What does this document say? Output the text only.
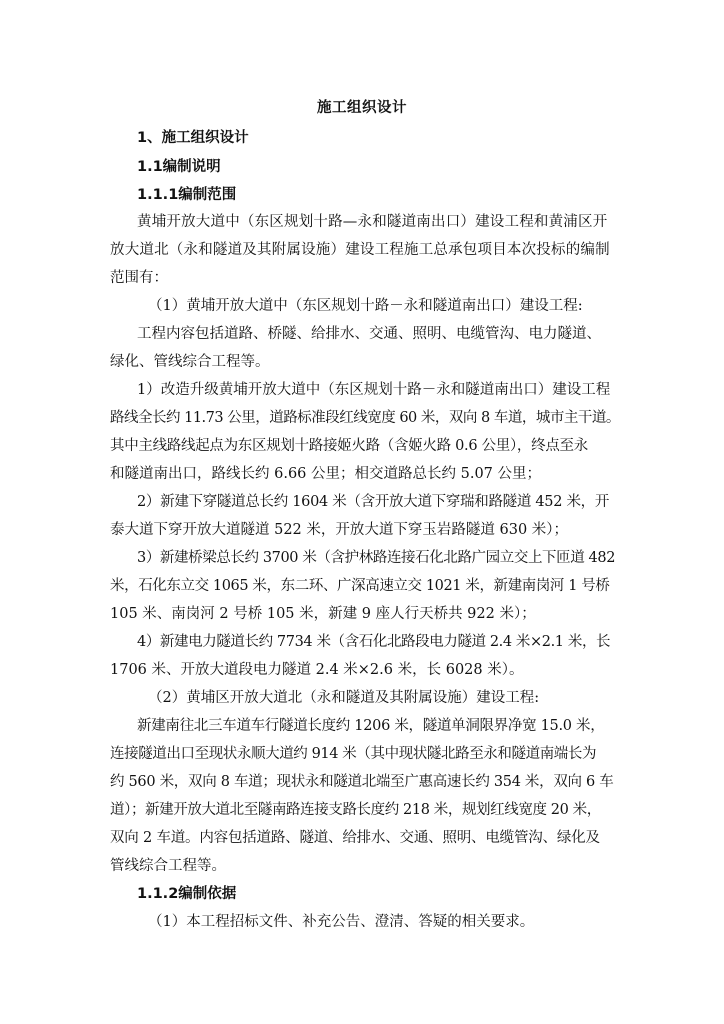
施工组织设计
1、施工组织设计
1.1编制说明
1.1.1编制范围
黄埔开放大道中（东区规划十路—永和隧道南出口）建设工程和黄浦区开
放大道北（永和隧道及其附属设施）建设工程施工总承包项目本次投标的编制
范围有：
（1）黄埔开放大道中（东区规划十路－永和隧道南出口）建设工程:
工程内容包括道路、桥隧、给排水、交通、照明、电缆管沟、电力隧道、
绿化、管线综合工程等。
1）改造升级黄埔开放大道中（东区规划十路－永和隧道南出口）建设工程
路线全长约 11.73 公里，道路标准段红线宽度 60 米，双向 8 车道，城市主干道。
其中主线路线起点为东区规划十路接姬火路（含姬火路 0.6 公里），终点至永
和隧道南出口，路线长约 6.66 公里；相交道路总长约 5.07 公里；
2）新建下穿隧道总长约 1604 米（含开放大道下穿瑞和路隧道 452 米，开
泰大道下穿开放大道隧道 522 米，开放大道下穿玉岩路隧道 630 米）；
3）新建桥梁总长约 3700 米（含护林路连接石化北路广园立交上下匝道 482
米，石化东立交 1065 米，东二环、广深高速立交 1021 米，新建南岗河 1 号桥
105 米、南岗河 2 号桥 105 米，新建 9 座人行天桥共 922 米）；
4）新建电力隧道长约 7734 米（含石化北路段电力隧道 2.4 米×2.1 米，长
1706 米、开放大道段电力隧道 2.4 米×2.6 米，长 6028 米）。
（2）黄埔区开放大道北（永和隧道及其附属设施）建设工程:
新建南往北三车道车行隧道长度约 1206 米，隧道单洞限界净宽 15.0 米，
连接隧道出口至现状永顺大道约 914 米（其中现状隧北路至永和隧道南端长为
约 560 米，双向 8 车道；现状永和隧道北端至广惠高速长约 354 米，双向 6 车
道）；新建开放大道北至隧南路连接支路长度约 218 米，规划红线宽度 20 米，
双向 2 车道。内容包括道路、隧道、给排水、交通、照明、电缆管沟、绿化及
管线综合工程等。
1.1.2编制依据
（1）本工程招标文件、补充公告、澄清、答疑的相关要求。
